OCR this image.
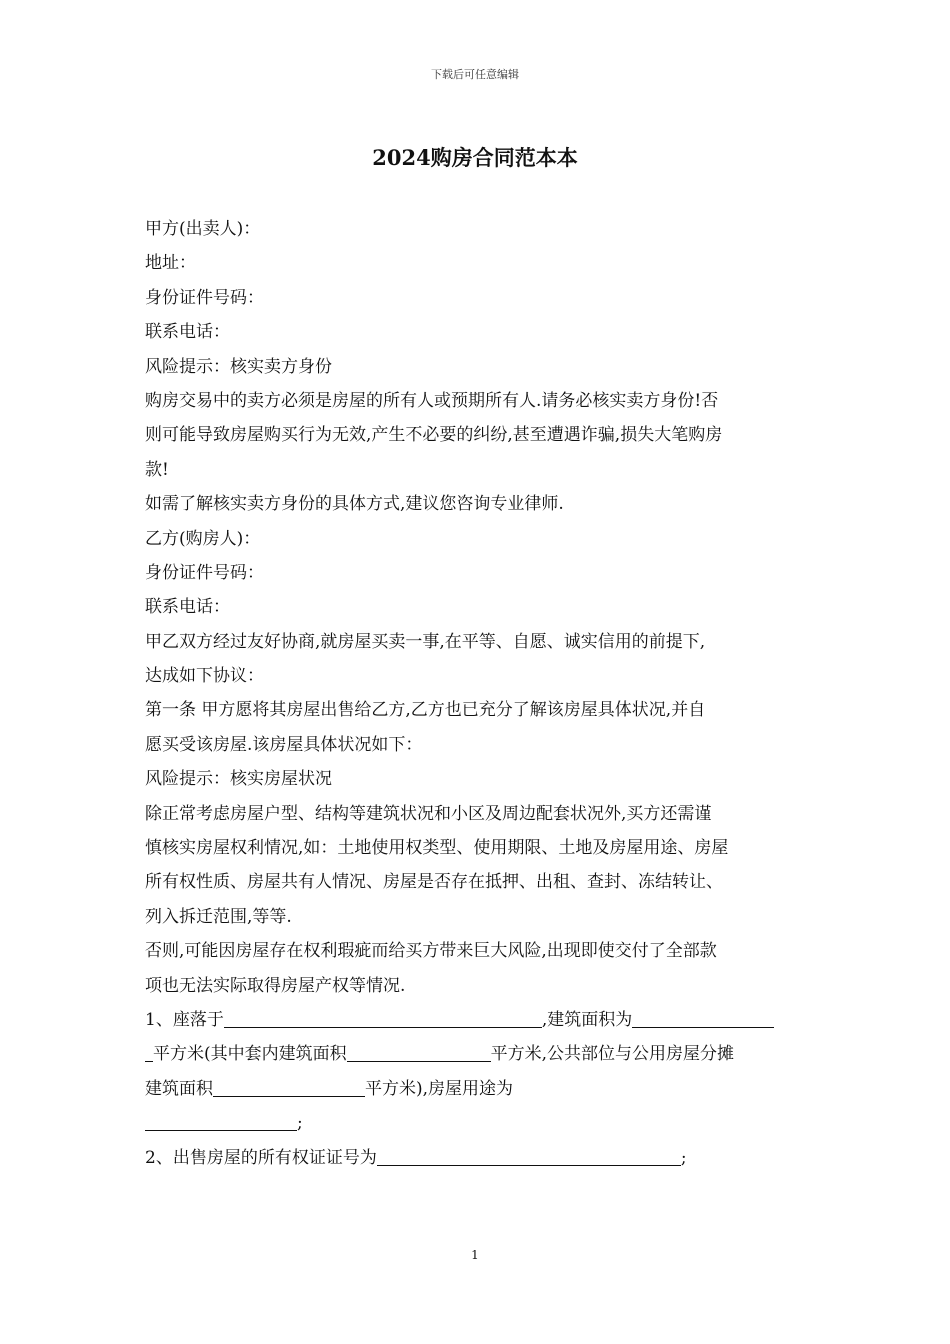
下载后可任意编辑
2024购房合同范本本
甲方(出卖人)：
地址：
身份证件号码：
联系电话：
风险提示：核实卖方身份
购房交易中的卖方必须是房屋的所有人或预期所有人.请务必核实卖方身份!否
则可能导致房屋购买行为无效,产生不必要的纠纷,甚至遭遇诈骗,损失大笔购房
款!
如需了解核实卖方身份的具体方式,建议您咨询专业律师.
乙方(购房人)：
身份证件号码：
联系电话：
甲乙双方经过友好协商,就房屋买卖一事,在平等、自愿、诚实信用的前提下,
达成如下协议：
第一条 甲方愿将其房屋出售给乙方,乙方也已充分了解该房屋具体状况,并自
愿买受该房屋.该房屋具体状况如下：
风险提示：核实房屋状况
除正常考虑房屋户型、结构等建筑状况和小区及周边配套状况外,买方还需谨
慎核实房屋权利情况,如：土地使用权类型、使用期限、土地及房屋用途、房屋
所有权性质、房屋共有人情况、房屋是否存在抵押、出租、查封、冻结转让、
列入拆迁范围,等等.
否则,可能因房屋存在权利瑕疵而给买方带来巨大风险,出现即使交付了全部款
项也无法实际取得房屋产权等情况.
1、座落于	,建筑面积为
平方米(其中套内建筑面积	平方米,公共部位与公用房屋分摊
建筑面积	平方米),房屋用途为
;
2、出售房屋的所有权证证号为	;
1
